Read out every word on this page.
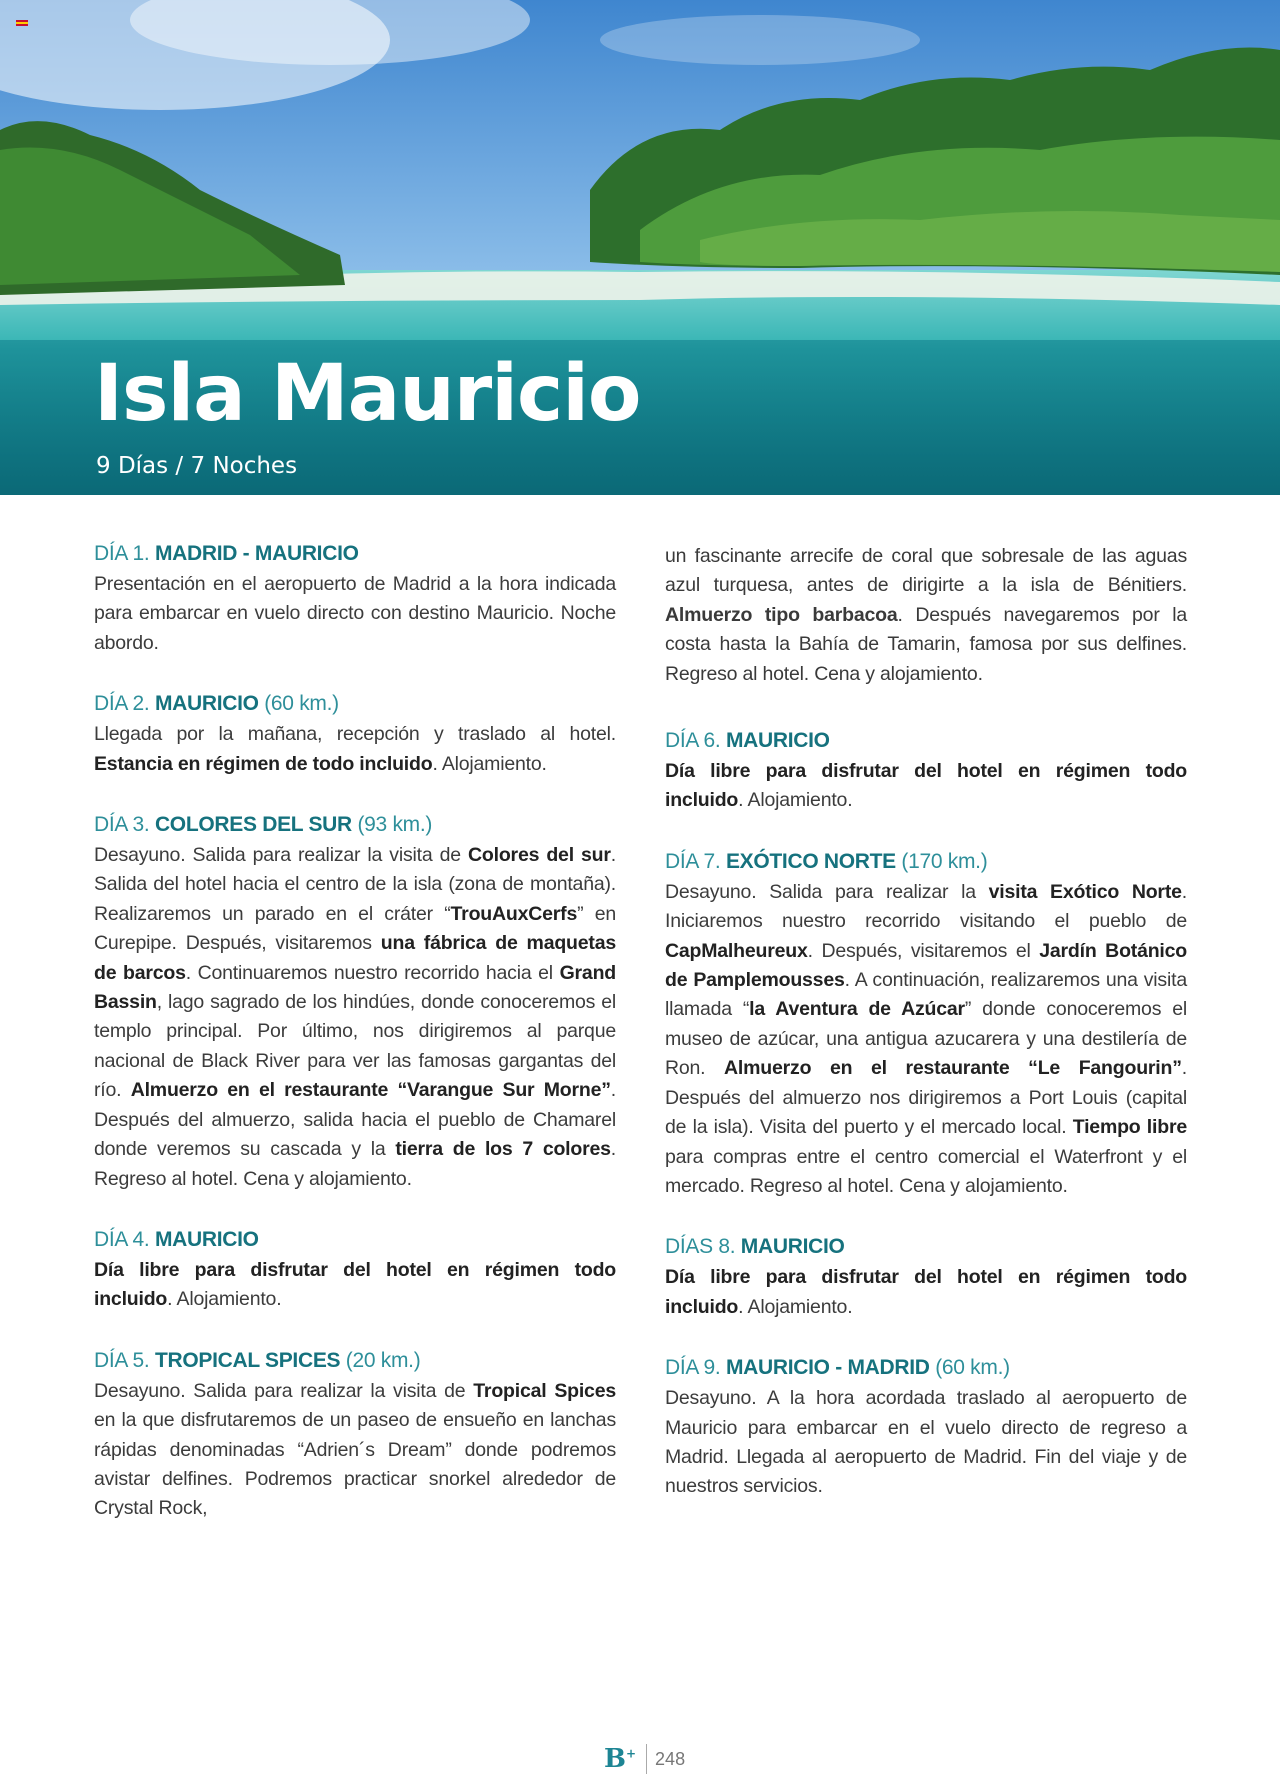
Isla Mauricio
9 Días / 7 Noches
DÍA 1. MADRID - MAURICIO

Presentación en el aeropuerto de Madrid a la hora indicada para embarcar en vuelo directo con destino Mauricio. Noche abordo.

DÍA 2. MAURICIO (60 km.)

Llegada por la mañana, recepción y traslado al hotel. Estancia en régimen de todo incluido. Alojamiento.

DÍA 3. COLORES DEL SUR (93 km.)

Desayuno. Salida para realizar la visita de Colores del sur. Salida del hotel hacia el centro de la isla (zona de montaña). Realizaremos un parado en el cráter “TrouAuxCerfs” en Curepipe. Después, visitaremos una fábrica de maquetas de barcos. Continuaremos nuestro recorrido hacia el Grand Bassin, lago sagrado de los hindúes, donde conoceremos el templo principal. Por último, nos dirigiremos al parque nacional de Black River para ver las famosas gargantas del río. Almuerzo en el restaurante “Varangue Sur Morne”. Después del almuerzo, salida hacia el pueblo de Chamarel donde veremos su cascada y la tierra de los 7 colores. Regreso al hotel. Cena y alojamiento.

DÍA 4. MAURICIO

Día libre para disfrutar del hotel en régimen todo incluido. Alojamiento.

DÍA 5. TROPICAL SPICES (20 km.)

Desayuno. Salida para realizar la visita de Tropical Spices en la que disfrutaremos de un paseo de ensueño en lanchas rápidas denominadas “Adrien´s Dream” donde podremos avistar delfines. Podremos practicar snorkel alrededor de Crystal Rock,

un fascinante arrecife de coral que sobresale de las aguas azul turquesa, antes de dirigirte a la isla de Bénitiers. Almuerzo tipo barbacoa. Después navegaremos por la costa hasta la Bahía de Tamarin, famosa por sus delfines. Regreso al hotel. Cena y alojamiento.

DÍA 6. MAURICIO

Día libre para disfrutar del hotel en régimen todo incluido. Alojamiento.

DÍA 7. EXÓTICO NORTE (170 km.)

Desayuno. Salida para realizar la visita Exótico Norte. Iniciaremos nuestro recorrido visitando el pueblo de CapMalheureux. Después, visitaremos el Jardín Botánico de Pamplemousses. A continuación, realizaremos una visita llamada “la Aventura de Azúcar” donde conoceremos el museo de azúcar, una antigua azucarera y una destilería de Ron. Almuerzo en el restaurante “Le Fangourin”. Después del almuerzo nos dirigiremos a Port Louis (capital de la isla). Visita del puerto y el mercado local. Tiempo libre para compras entre el centro comercial el Waterfront y el mercado. Regreso al hotel. Cena y alojamiento.

DÍAS 8. MAURICIO

Día libre para disfrutar del hotel en régimen todo incluido. Alojamiento.

DÍA 9. MAURICIO - MADRID (60 km.)

Desayuno. A la hora acordada traslado al aeropuerto de Mauricio para embarcar en el vuelo directo de regreso a Madrid. Llegada al aeropuerto de Madrid. Fin del viaje y de nuestros servicios.

B+ 248
